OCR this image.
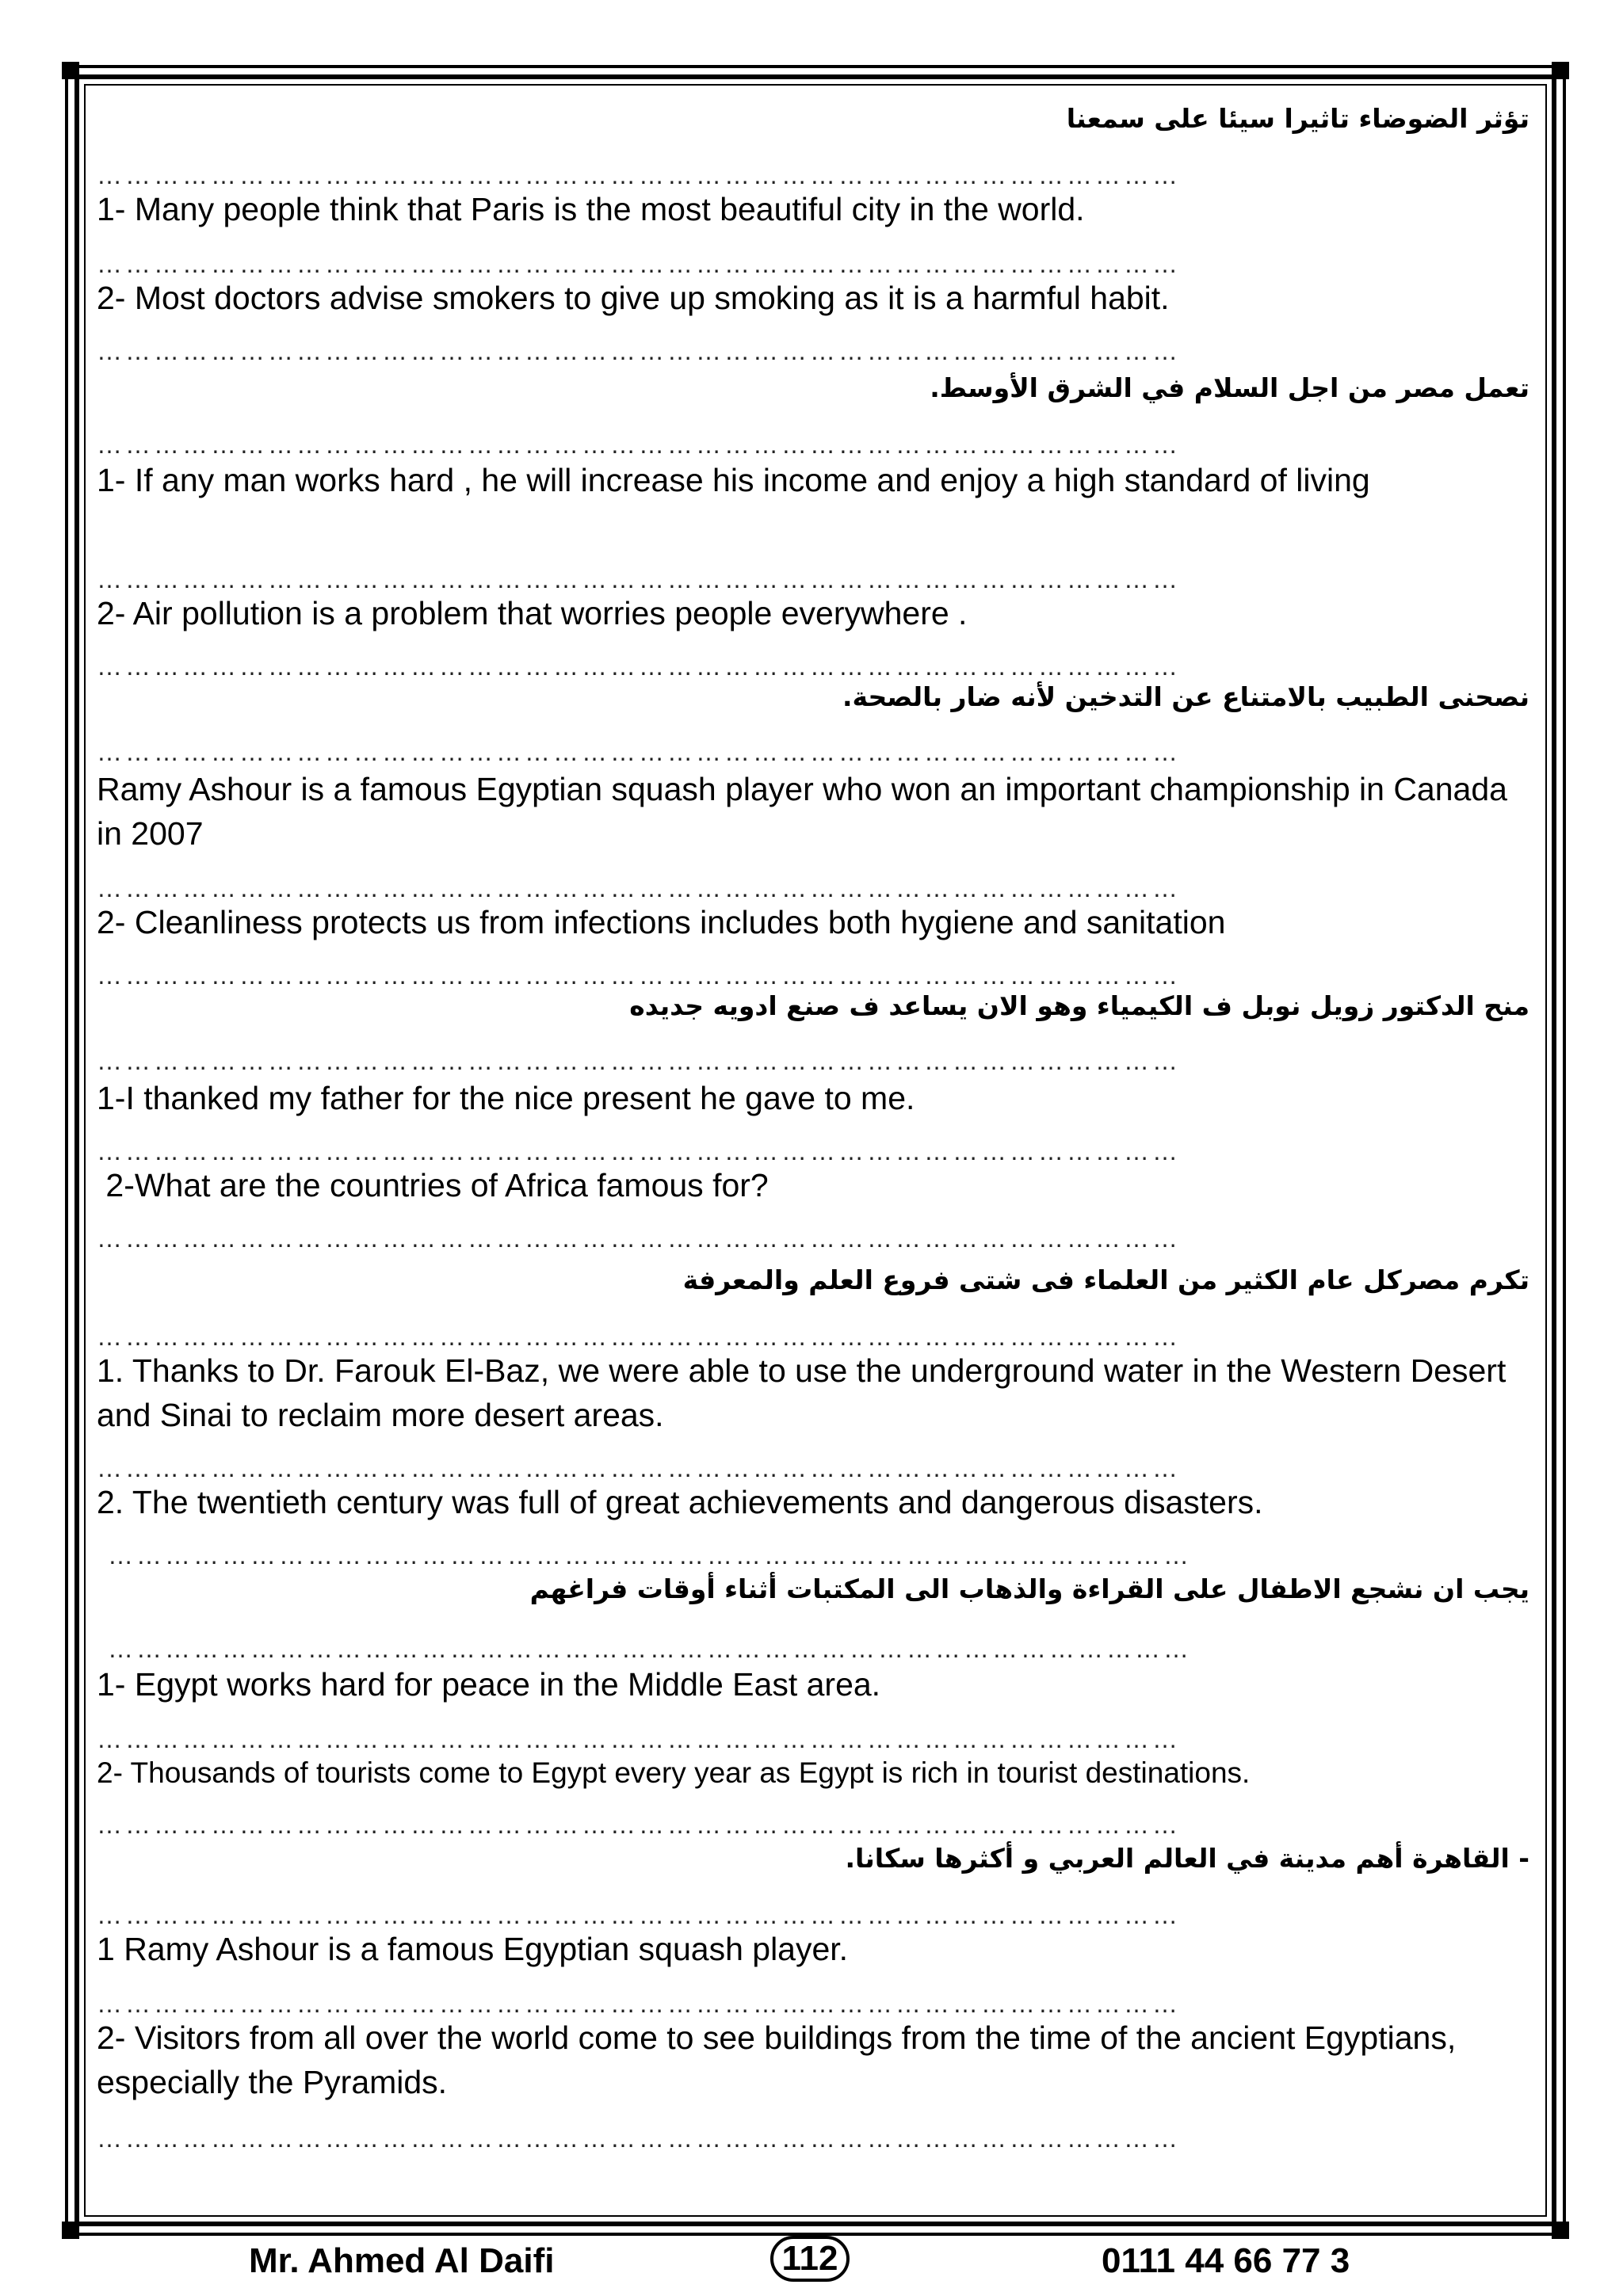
تؤثر الضوضاء تاثيرا سيئا على سمعنا
……………………………………………………………………………………………………
1- Many people think that Paris is the most beautiful city in the world.
……………………………………………………………………………………………………
2- Most doctors advise smokers to give up smoking as it is a harmful habit.
……………………………………………………………………………………………………
تعمل مصر من اجل السلام في الشرق الأوسط.
……………………………………………………………………………………………………
1- If any man works hard , he will increase his income and enjoy a high standard of living
……………………………………………………………………………………………………
2- Air pollution is a problem that worries people everywhere .
……………………………………………………………………………………………………
نصحنى الطبيب بالامتناع عن التدخين لأنه ضار بالصحة.
……………………………………………………………………………………………………
Ramy Ashour is a famous Egyptian squash player who won an important championship in Canada in 2007
……………………………………………………………………………………………………
2- Cleanliness protects us from infections includes both hygiene and sanitation
……………………………………………………………………………………………………
منح الدكتور زويل نوبل ف الكيمياء وهو الان يساعد ف صنع ادويه جديده
……………………………………………………………………………………………………
1-I thanked my father for the nice present he gave to me.
……………………………………………………………………………………………………
2-What are the countries of Africa famous for?
……………………………………………………………………………………………………
تكرم مصركل عام الكثير من العلماء فى شتى فروع العلم والمعرفة
……………………………………………………………………………………………………
1. Thanks to Dr. Farouk El-Baz, we were able to use the underground water in the Western Desert and Sinai to reclaim more desert areas.
……………………………………………………………………………………………………
2. The twentieth century was full of great achievements and dangerous disasters.
……………………………………………………………………………………………………
يجب ان نشجع الاطفال على القراءة والذهاب الى المكتبات أثناء أوقات فراغهم
……………………………………………………………………………………………………
1- Egypt works hard for peace in the Middle East area.
……………………………………………………………………………………………………
2- Thousands of tourists come to Egypt every year as Egypt is rich in tourist destinations.
……………………………………………………………………………………………………
- القاهرة أهم مدينة في العالم العربي و أكثرها سكانا.
……………………………………………………………………………………………………
1 Ramy Ashour is a famous Egyptian squash player.
……………………………………………………………………………………………………
2- Visitors from all over the world come to see buildings from the time of the ancient Egyptians, especially the Pyramids.
……………………………………………………………………………………………………
Mr. Ahmed Al Daifi	112	0111 44 66 77 3
